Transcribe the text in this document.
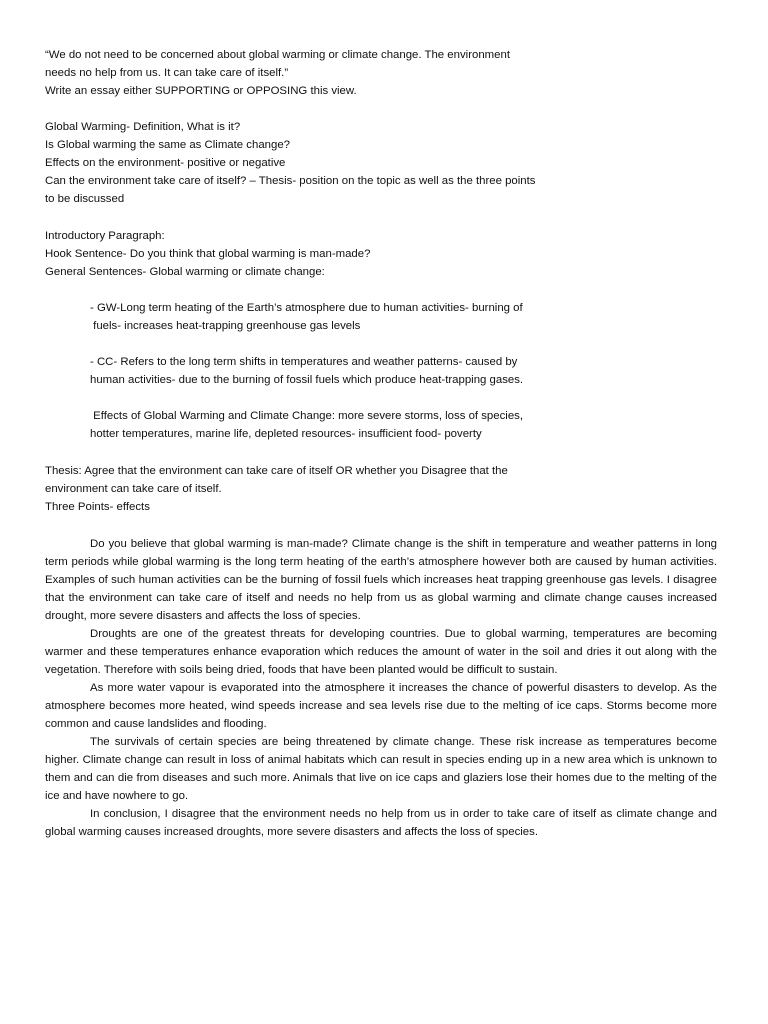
“We do not need to be concerned about global warming or climate change. The environment
needs no help from us. It can take care of itself.”
Write an essay either SUPPORTING or OPPOSING this view.
Global Warming- Definition, What is it?
Is Global warming the same as Climate change?
Effects on the environment- positive or negative
Can the environment take care of itself? – Thesis- position on the topic as well as the three points
to be discussed
Introductory Paragraph:
Hook Sentence- Do you think that global warming is man-made?
General Sentences- Global warming or climate change:
- GW-Long term heating of the Earth’s atmosphere due to human activities- burning of
fuels- increases heat-trapping greenhouse gas levels
- CC- Refers to the long term shifts in temperatures and weather patterns- caused by
human activities- due to the burning of fossil fuels which produce heat-trapping gases.
Effects of Global Warming and Climate Change: more severe storms, loss of species,
hotter temperatures, marine life, depleted resources- insufficient food- poverty
Thesis: Agree that the environment can take care of itself OR whether you Disagree that the
environment can take care of itself.
Three Points- effects

Do you believe that global warming is man-made? Climate change is the shift in temperature and weather patterns in long term periods while global warming is the long term heating of the earth’s atmosphere however both are caused by human activities. Examples of such human activities can be the burning of fossil fuels which increases heat trapping greenhouse gas levels. I disagree that the environment can take care of itself and needs no help from us as global warming and climate change causes increased drought, more severe disasters and affects the loss of species.

Droughts are one of the greatest threats for developing countries. Due to global warming, temperatures are becoming warmer and these temperatures enhance evaporation which reduces the amount of water in the soil and dries it out along with the vegetation. Therefore with soils being dried, foods that have been planted would be difficult to sustain.

As more water vapour is evaporated into the atmosphere it increases the chance of powerful disasters to develop. As the atmosphere becomes more heated, wind speeds increase and sea levels rise due to the melting of ice caps. Storms become more common and cause landslides and flooding.

The survivals of certain species are being threatened by climate change. These risk increase as temperatures become higher. Climate change can result in loss of animal habitats which can result in species ending up in a new area which is unknown to them and can die from diseases and such more. Animals that live on ice caps and glaziers lose their homes due to the melting of the ice and have nowhere to go.

In conclusion, I disagree that the environment needs no help from us in order to take care of itself as climate change and global warming causes increased droughts, more severe disasters and affects the loss of species.
